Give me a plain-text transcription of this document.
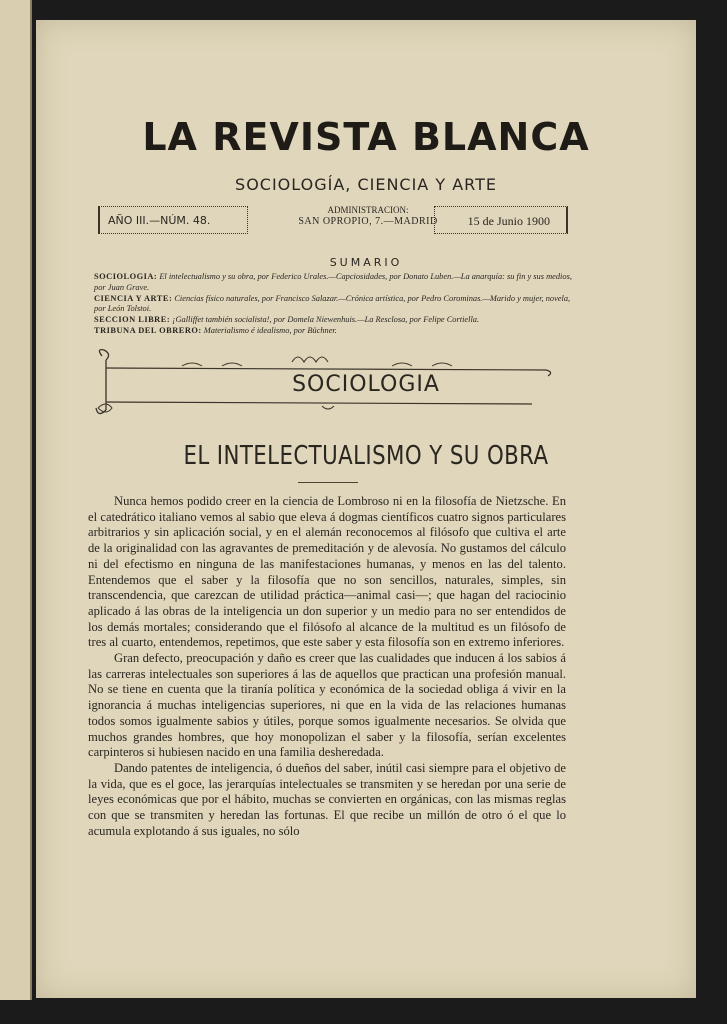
LA REVISTA BLANCA
SOCIOLOGÍA, CIENCIA Y ARTE
AÑO III.—NÚM. 48.
ADMINISTRACION:
SAN OPROPIO, 7.—MADRID	15 de Junio 1900
SUMARIO
SOCIOLOGIA: El intelectualismo y su obra, por Federico Urales.—Capciosidades, por Donato Luben.—La anarquía: su fin y sus medios, por Juan Grave.
CIENCIA Y ARTE: Ciencias físico naturales, por Francisco Salazar.—Crónica artística, por Pedro Corominas.—Marido y mujer, novela, por León Tolstoi.
SECCION LIBRE: ¡Galliffet también socialista!, por Domela Niewenhuis.—La Resclosa, por Felipe Cortiella.
TRIBUNA DEL OBRERO: Materialismo é idealismo, por Büchner.
SOCIOLOGIA
EL INTELECTUALISMO Y SU OBRA

Nunca hemos podido creer en la ciencia de Lombroso ni en la filosofía de Nietzsche. En el catedrático italiano vemos al sabio que eleva á dogmas científicos cuatro signos particulares arbitrarios y sin aplicación social, y en el alemán reconocemos al filósofo que cultiva el arte de la originalidad con las agravantes de premeditación y de alevosía. No gustamos del cálculo ni del efectismo en ninguna de las manifestaciones humanas, y menos en las del talento. Entendemos que el saber y la filosofía que no son sencillos, naturales, simples, sin transcendencia, que carezcan de utilidad práctica—animal casi—; que hagan del raciocinio aplicado á las obras de la inteligencia un don superior y un medio para no ser entendidos de los demás mortales; considerando que el filósofo al alcance de la multitud es un filósofo de tres al cuarto, entendemos, repetimos, que este saber y esta filosofía son en extremo inferiores.

Gran defecto, preocupación y daño es creer que las cualidades que inducen á los sabios á las carreras intelectuales son superiores á las de aquellos que practican una profesión manual. No se tiene en cuenta que la tiranía política y económica de la sociedad obliga á vivir en la ignorancia á muchas inteligencias superiores, ni que en la vida de las relaciones humanas todos somos igualmente sabios y útiles, porque somos igualmente necesarios. Se olvida que muchos grandes hombres, que hoy monopolizan el saber y la filosofía, serían excelentes carpinteros si hubiesen nacido en una familia desheredada.

Dando patentes de inteligencia, ó dueños del saber, inútil casi siempre para el objetivo de la vida, que es el goce, las jerarquías intelectuales se transmiten y se heredan por una serie de leyes económicas que por el hábito, muchas se convierten en orgánicas, con las mismas reglas con que se transmiten y heredan las fortunas. El que recibe un millón de otro ó el que lo acumula explotando á sus iguales, no sólo
